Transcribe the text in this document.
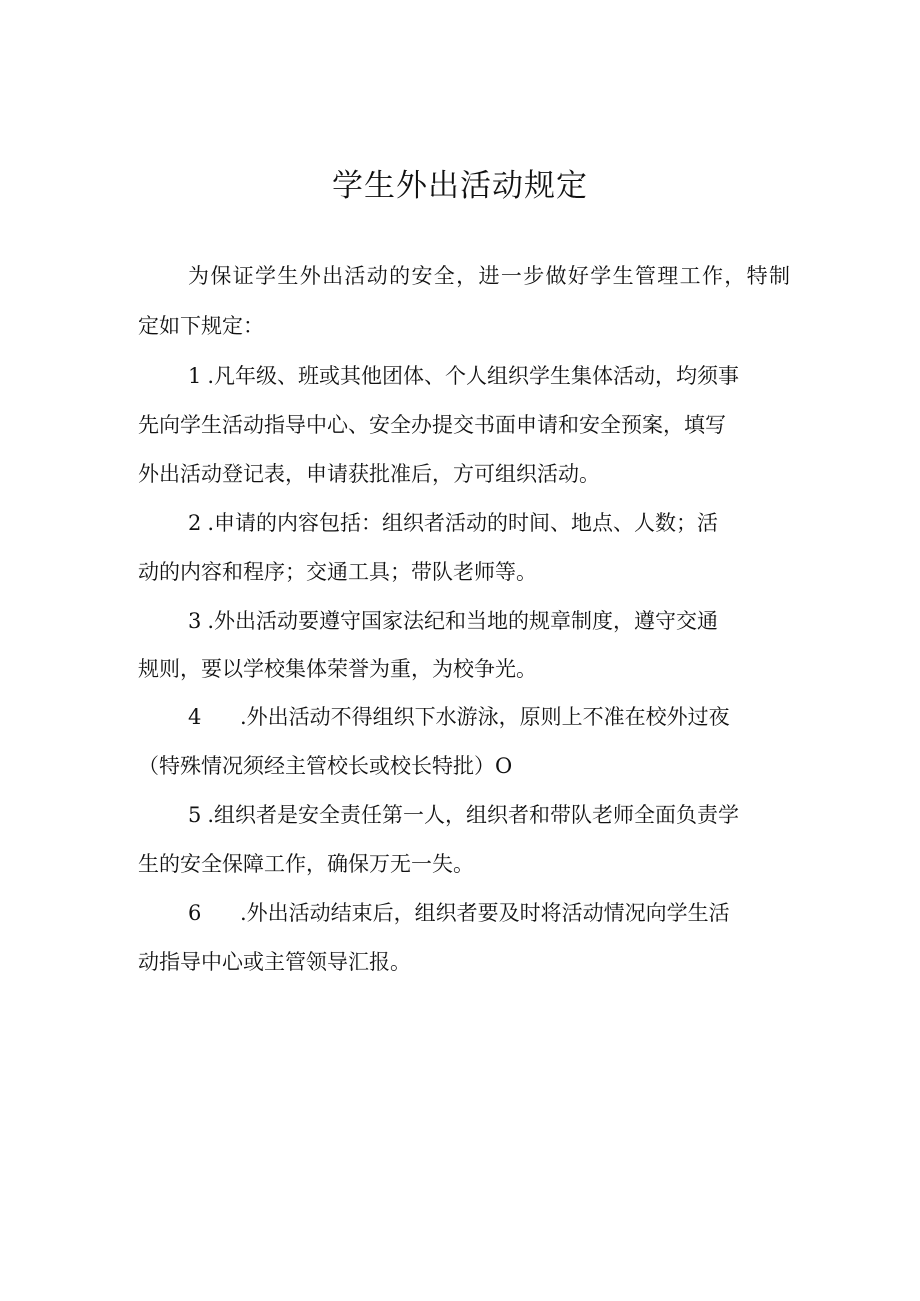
学生外出活动规定
为保证学生外出活动的安全，进一步做好学生管理工作，特制
定如下规定：
1 .凡年级、班或其他团体、个人组织学生集体活动，均须事
先向学生活动指导中心、安全办提交书面申请和安全预案，填写
外出活动登记表，申请获批准后，方可组织活动。
2 .申请的内容包括：组织者活动的时间、地点、人数；活
动的内容和程序；交通工具；带队老师等。
3 .外出活动要遵守国家法纪和当地的规章制度，遵守交通
规则，要以学校集体荣誉为重，为校争光。
4 .外出活动不得组织下水游泳，原则上不准在校外过夜
（特殊情况须经主管校长或校长特批）O
5 .组织者是安全责任第一人，组织者和带队老师全面负责学
生的安全保障工作，确保万无一失。
6 .外出活动结束后，组织者要及时将活动情况向学生活
动指导中心或主管领导汇报。
